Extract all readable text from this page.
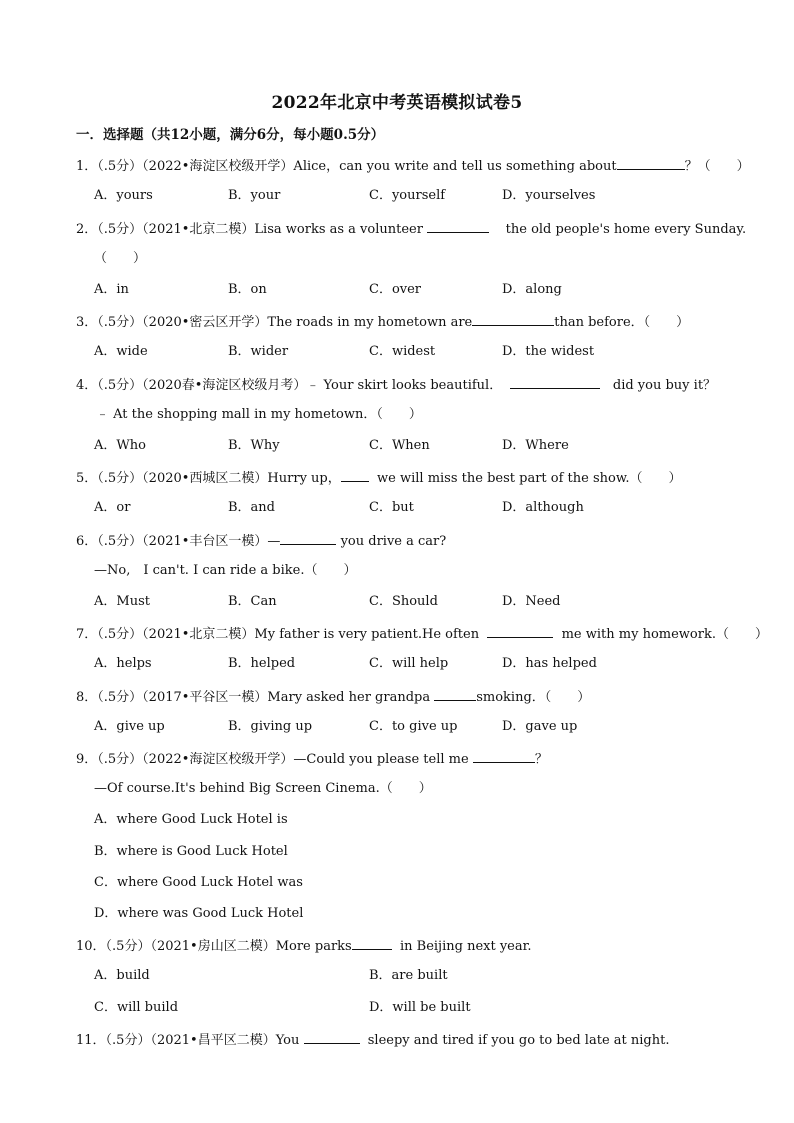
2022年北京中考英语模拟试卷5
一．选择题（共12小题，满分6分，每小题0.5分）
1．（.5分）（2022•海淀区校级开学）Alice，can you write and tell us something about	？（　　）
A．yours	B．your	C．yourself	D．yourselves
2．（.5分）（2021•北京二模）Lisa works as a volunteer	the old people's home every Sunday.
（　　）
A．in	B．on	C．over	D．along
3．（.5分）（2020•密云区开学）The roads in my hometown are	than before．（　　）
A．wide	B．wider	C．widest	D．the widest
4．（.5分）（2020春•海淀区校级月考）﹣ Your skirt looks beautiful．	did you buy it？
﹣ At the shopping mall in my hometown．（　　）
A．Who	B．Why	C．When	D．Where
5．（.5分）（2020•西城区二模）Hurry up，	we will miss the best part of the show.（　　）
A．or	B．and	C．but	D．although
6．（.5分）（2021•丰台区一模）—	you drive a car?
—No,　I can't. I can ride a bike.（　　）
A．Must	B．Can	C．Should	D．Need
7．（.5分）（2021•北京二模）My father is very patient.He often	me with my homework.（　　）
A．helps	B．helped	C．will help	D．has helped
8．（.5分）（2017•平谷区一模）Mary asked her grandpa	smoking．（　　）
A．give up	B．giving up	C．to give up	D．gave up
9．（.5分）（2022•海淀区校级开学）—Could you please tell me	？
—Of course.It's behind Big Screen Cinema.（　　）
A．where Good Luck Hotel is
B．where is Good Luck Hotel
C．where Good Luck Hotel was
D．where was Good Luck Hotel
10．（.5分）（2021•房山区二模）More parks	in Beijing next year.
A．build	B．are built
C．will build	D．will be built
11．（.5分）（2021•昌平区二模）You	sleepy and tired if you go to bed late at night.
